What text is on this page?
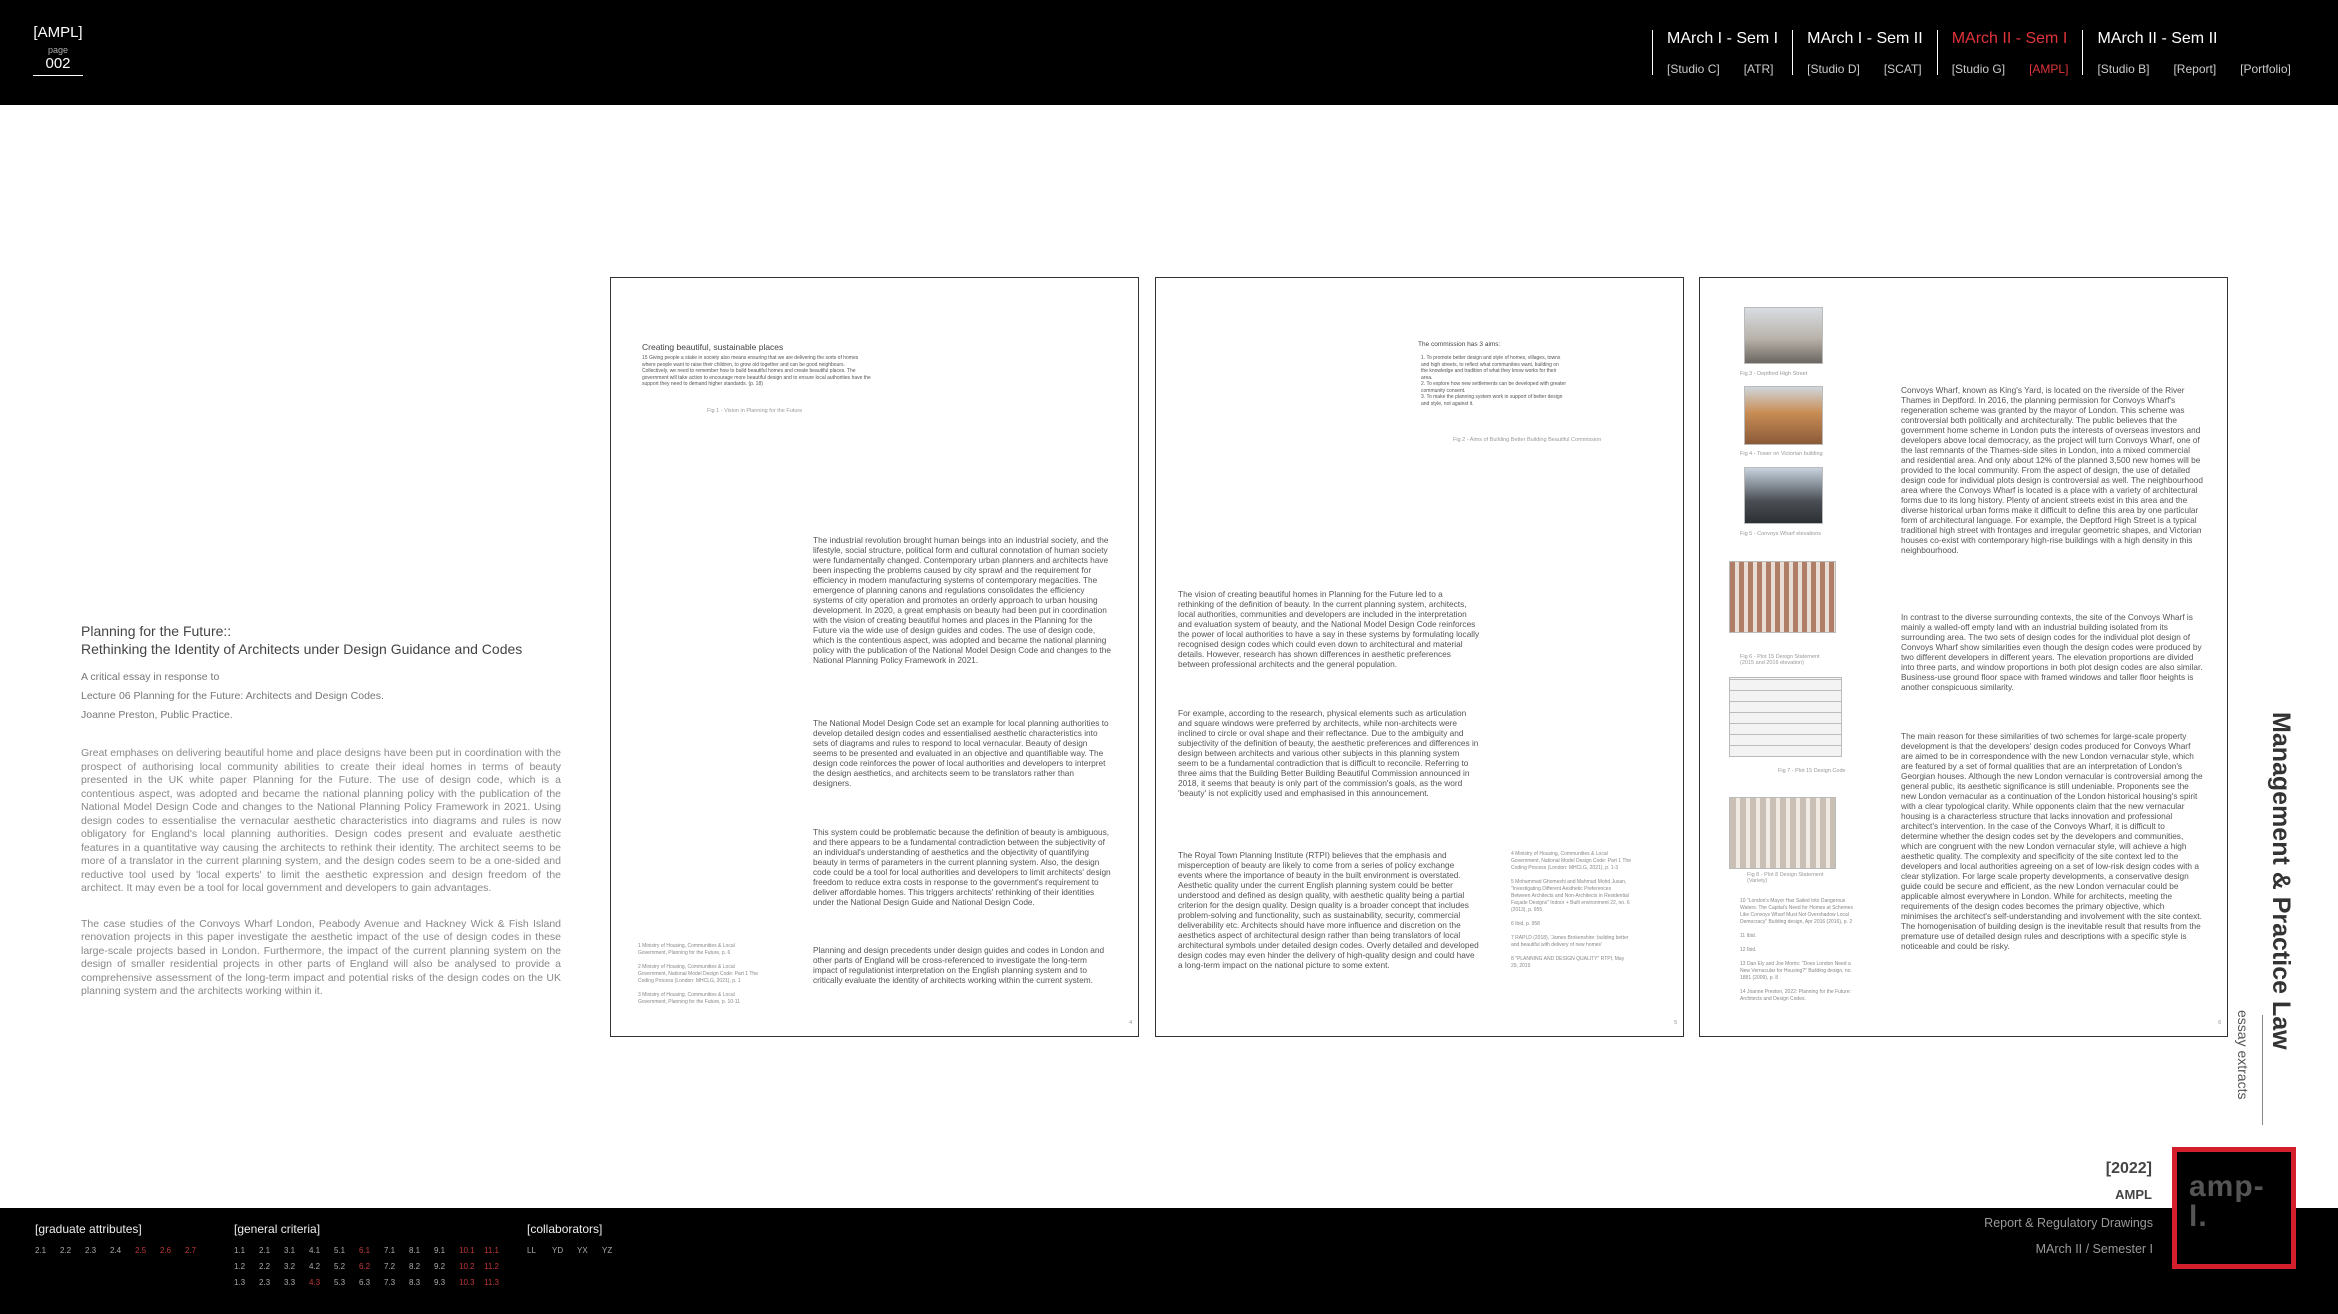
[AMPL]
page
002
MArch I - Sem I
[Studio C] [ATR]
MArch I - Sem II
[Studio D] [SCAT]
MArch II - Sem I
[Studio G] [AMPL]
MArch II - Sem II
[Studio B] [Report] [Portfolio]
Planning for the Future::
Rethinking the Identity of Architects under Design Guidance and Codes
A critical essay in response to
Lecture 06 Planning for the Future: Architects and Design Codes.
Joanne Preston, Public Practice.

Great emphases on delivering beautiful home and place designs have been put in coordination with the prospect of authorising local community abilities to create their ideal homes in terms of beauty presented in the UK white paper Planning for the Future. The use of design code, which is a contentious aspect, was adopted and became the national planning policy with the publication of the National Model Design Code and changes to the National Planning Policy Framework in 2021. Using design codes to essentialise the vernacular aesthetic characteristics into diagrams and rules is now obligatory for England's local planning authorities. Design codes present and evaluate aesthetic features in a quantitative way causing the architects to rethink their identity. The architect seems to be more of a translator in the current planning system, and the design codes seem to be a one-sided and reductive tool used by 'local experts' to limit the aesthetic expression and design freedom of the architect. It may even be a tool for local government and developers to gain advantages.

The case studies of the Convoys Wharf London, Peabody Avenue and Hackney Wick & Fish Island renovation projects in this paper investigate the aesthetic impact of the use of design codes in these large-scale projects based in London. Furthermore, the impact of the current planning system on the design of smaller residential projects in other parts of England will also be analysed to provide a comprehensive assessment of the long-term impact and potential risks of the design codes on the UK planning system and the architects working within it.

Creating beautiful, sustainable places
15 Giving people a stake in society also means ensuring that we are delivering the sorts of homes where people want to raise their children, to grow old together and can be good neighbours. Collectively, we need to remember how to build beautiful homes and create beautiful places. The government will take action to encourage more beautiful design and to ensure local authorities have the support they need to demand higher standards. (p. 18)
Fig 1 - Vision in Planning for the Future
The industrial revolution brought human beings into an industrial society, and the lifestyle, social structure, political form and cultural connotation of human society were fundamentally changed. Contemporary urban planners and architects have been inspecting the problems caused by city sprawl and the requirement for efficiency in modern manufacturing systems of contemporary megacities. The emergence of planning canons and regulations consolidates the efficiency systems of city operation and promotes an orderly approach to urban housing development. In 2020, a great emphasis on beauty had been put in coordination with the vision of creating beautiful homes and places in the Planning for the Future via the wide use of design guides and codes. The use of design code, which is the contentious aspect, was adopted and became the national planning policy with the publication of the National Model Design Code and changes to the National Planning Policy Framework in 2021.
The National Model Design Code set an example for local planning authorities to develop detailed design codes and essentialised aesthetic characteristics into sets of diagrams and rules to respond to local vernacular. Beauty of design seems to be presented and evaluated in an objective and quantifiable way. The design code reinforces the power of local authorities and developers to interpret the design aesthetics, and architects seem to be translators rather than designers.
This system could be problematic because the definition of beauty is ambiguous, and there appears to be a fundamental contradiction between the subjectivity of an individual's understanding of aesthetics and the objectivity of quantifying beauty in terms of parameters in the current planning system. Also, the design code could be a tool for local authorities and developers to limit architects' design freedom to reduce extra costs in response to the government's requirement to deliver affordable homes. This triggers architects' rethinking of their identities under the National Design Guide and National Design Code.
Planning and design precedents under design guides and codes in London and other parts of England will be cross-referenced to investigate the long-term impact of regulationist interpretation on the English planning system and to critically evaluate the identity of architects working within the current system.
1 Ministry of Housing, Communities & Local Government, Planning for the Future, p. 6

2 Ministry of Housing, Communities & Local Government, National Model Design Code: Part 1 The Coding Process (London: MHCLG, 2021), p. 1

3 Ministry of Housing, Communities & Local Government, Planning for the Future, p. 10-11
4
The commission has 3 aims:
1. To promote better design and style of homes, villages, towns and high streets, to reflect what communities want, building on the knowledge and tradition of what they know works for their area.
2. To explore how new settlements can be developed with greater community consent.
3. To make the planning system work in support of better design and style, not against it.
Fig 2 - Aims of Building Better Building Beautiful Commission
The vision of creating beautiful homes in Planning for the Future led to a rethinking of the definition of beauty. In the current planning system, architects, local authorities, communities and developers are included in the interpretation and evaluation system of beauty, and the National Model Design Code reinforces the power of local authorities to have a say in these systems by formulating locally recognised design codes which could even down to architectural and material details. However, research has shown differences in aesthetic preferences between professional architects and the general population.
For example, according to the research, physical elements such as articulation and square windows were preferred by architects, while non-architects were inclined to circle or oval shape and their reflectance. Due to the ambiguity and subjectivity of the definition of beauty, the aesthetic preferences and differences in design between architects and various other subjects in this planning system seem to be a fundamental contradiction that is difficult to reconcile. Referring to three aims that the Building Better Building Beautiful Commission announced in 2018, it seems that beauty is only part of the commission's goals, as the word 'beauty' is not explicitly used and emphasised in this announcement.
The Royal Town Planning Institute (RTPI) believes that the emphasis and misperception of beauty are likely to come from a series of policy exchange events where the importance of beauty in the built environment is overstated. Aesthetic quality under the current English planning system could be better understood and defined as design quality, with aesthetic quality being a partial criterion for the design quality. Design quality is a broader concept that includes problem-solving and functionality, such as sustainability, security, commercial deliverability etc. Architects should have more influence and discretion on the aesthetics aspect of architectural design rather than being translators of local architectural symbols under detailed design codes. Overly detailed and developed design codes may even hinder the delivery of high-quality design and could have a long-term impact on the national picture to some extent.
4 Ministry of Housing, Communities & Local Government, National Model Design Code: Part 1 The Coding Process (London: MHCLG, 2021), p. 1-3

5 Mohammad Ghomeshi and Mahmud Mohd Jusan, "Investigating Different Aesthetic Preferences Between Architects and Non-Architects in Residential Façade Designs" Indoor + Built environment 22, no. 6 (2013), p. 955

6 Ibid, p. 958

7 RAPLD (2018), 'James Brokenshire: building better and beautiful with delivery of new homes'

8 "PLANNING AND DESIGN QUALITY" RTPI, May 29, 2019
5
Fig 3 - Deptford High Street
Fig 4 - Tower on Victorian building
Fig 5 - Convoys Wharf elevations
Fig 6 - Plot 15 Design Statement (2015 and 2016 elevation)
Fig 7 - Plot 15 Design Code
Fig 8 - Plot 8 Design Statement (Variety)
Convoys Wharf, known as King's Yard, is located on the riverside of the River Thames in Deptford. In 2016, the planning permission for Convoys Wharf's regeneration scheme was granted by the mayor of London. This scheme was controversial both politically and architecturally. The public believes that the government home scheme in London puts the interests of overseas investors and developers above local democracy, as the project will turn Convoys Wharf, one of the last remnants of the Thames-side sites in London, into a mixed commercial and residential area. And only about 12% of the planned 3,500 new homes will be provided to the local community. From the aspect of design, the use of detailed design code for individual plots design is controversial as well. The neighbourhood area where the Convoys Wharf is located is a place with a variety of architectural forms due to its long history. Plenty of ancient streets exist in this area and the diverse historical urban forms make it difficult to define this area by one particular form of architectural language. For example, the Deptford High Street is a typical traditional high street with frontages and irregular geometric shapes, and Victorian houses co-exist with contemporary high-rise buildings with a high density in this neighbourhood.
In contrast to the diverse surrounding contexts, the site of the Convoys Wharf is mainly a walled-off empty land with an industrial building isolated from its surrounding area. The two sets of design codes for the individual plot design of Convoys Wharf show similarities even though the design codes were produced by two different developers in different years. The elevation proportions are divided into three parts, and window proportions in both plot design codes are also similar. Business-use ground floor space with framed windows and taller floor heights is another conspicuous similarity.
The main reason for these similarities of two schemes for large-scale property development is that the developers' design codes produced for Convoys Wharf are aimed to be in correspondence with the new London vernacular style, which are featured by a set of formal qualities that are an interpretation of London's Georgian houses. Although the new London vernacular is controversial among the general public, its aesthetic significance is still undeniable. Proponents see the new London vernacular as a continuation of the London historical housing's spirit with a clear typological clarity. While opponents claim that the new vernacular housing is a characterless structure that lacks innovation and professional architect's intervention. In the case of the Convoys Wharf, it is difficult to determine whether the design codes set by the developers and communities, which are congruent with the new London vernacular style, will achieve a high aesthetic quality. The complexity and specificity of the site context led to the developers and local authorities agreeing on a set of low-risk design codes with a clear stylization. For large scale property developments, a conservative design guide could be secure and efficient, as the new London vernacular could be applicable almost everywhere in London. While for architects, meeting the requirements of the design codes becomes the primary objective, which minimises the architect's self-understanding and involvement with the site context. The homogenisation of building design is the inevitable result that results from the premature use of detailed design rules and descriptions with a specific style is noticeable and could be risky.
10 "London's Mayor Has Sailed Into Dangerous Waters: The Capital's Need for Homes at Schemes Like Convoys Wharf Must Not Overshadow Local Democracy" Building design, Apr 2016 (2016), p. 2

11 Ibid.

12 Ibid.

13 Dan Ely and Joe Morris: "Does London Need a New Vernacular for Housing?" Building design, no. 1881 (2009), p. 8

14 Joanne Preston, 2022: Planning for the Future: Architects and Design Codes.
6 Management & Practice Law
essay extracts
[2022]
AMPL
[graduate attributes]
2.1	2.2	2.3	2.4	2.5	2.6	2.7
[general criteria]
1.1	2.1	3.1	4.1	5.1	6.1	7.1	8.1	9.1	10.1	11.1
1.2	2.2	3.2	4.2	5.2	6.2	7.2	8.2	9.2	10.2	11.2
1.3	2.3	3.3	4.3	5.3	6.3	7.3	8.3	9.3	10.3	11.3
[collaborators]
LL	YD	YX	YZ
Report & Regulatory Drawings
MArch II / Semester I
amp-
l.
